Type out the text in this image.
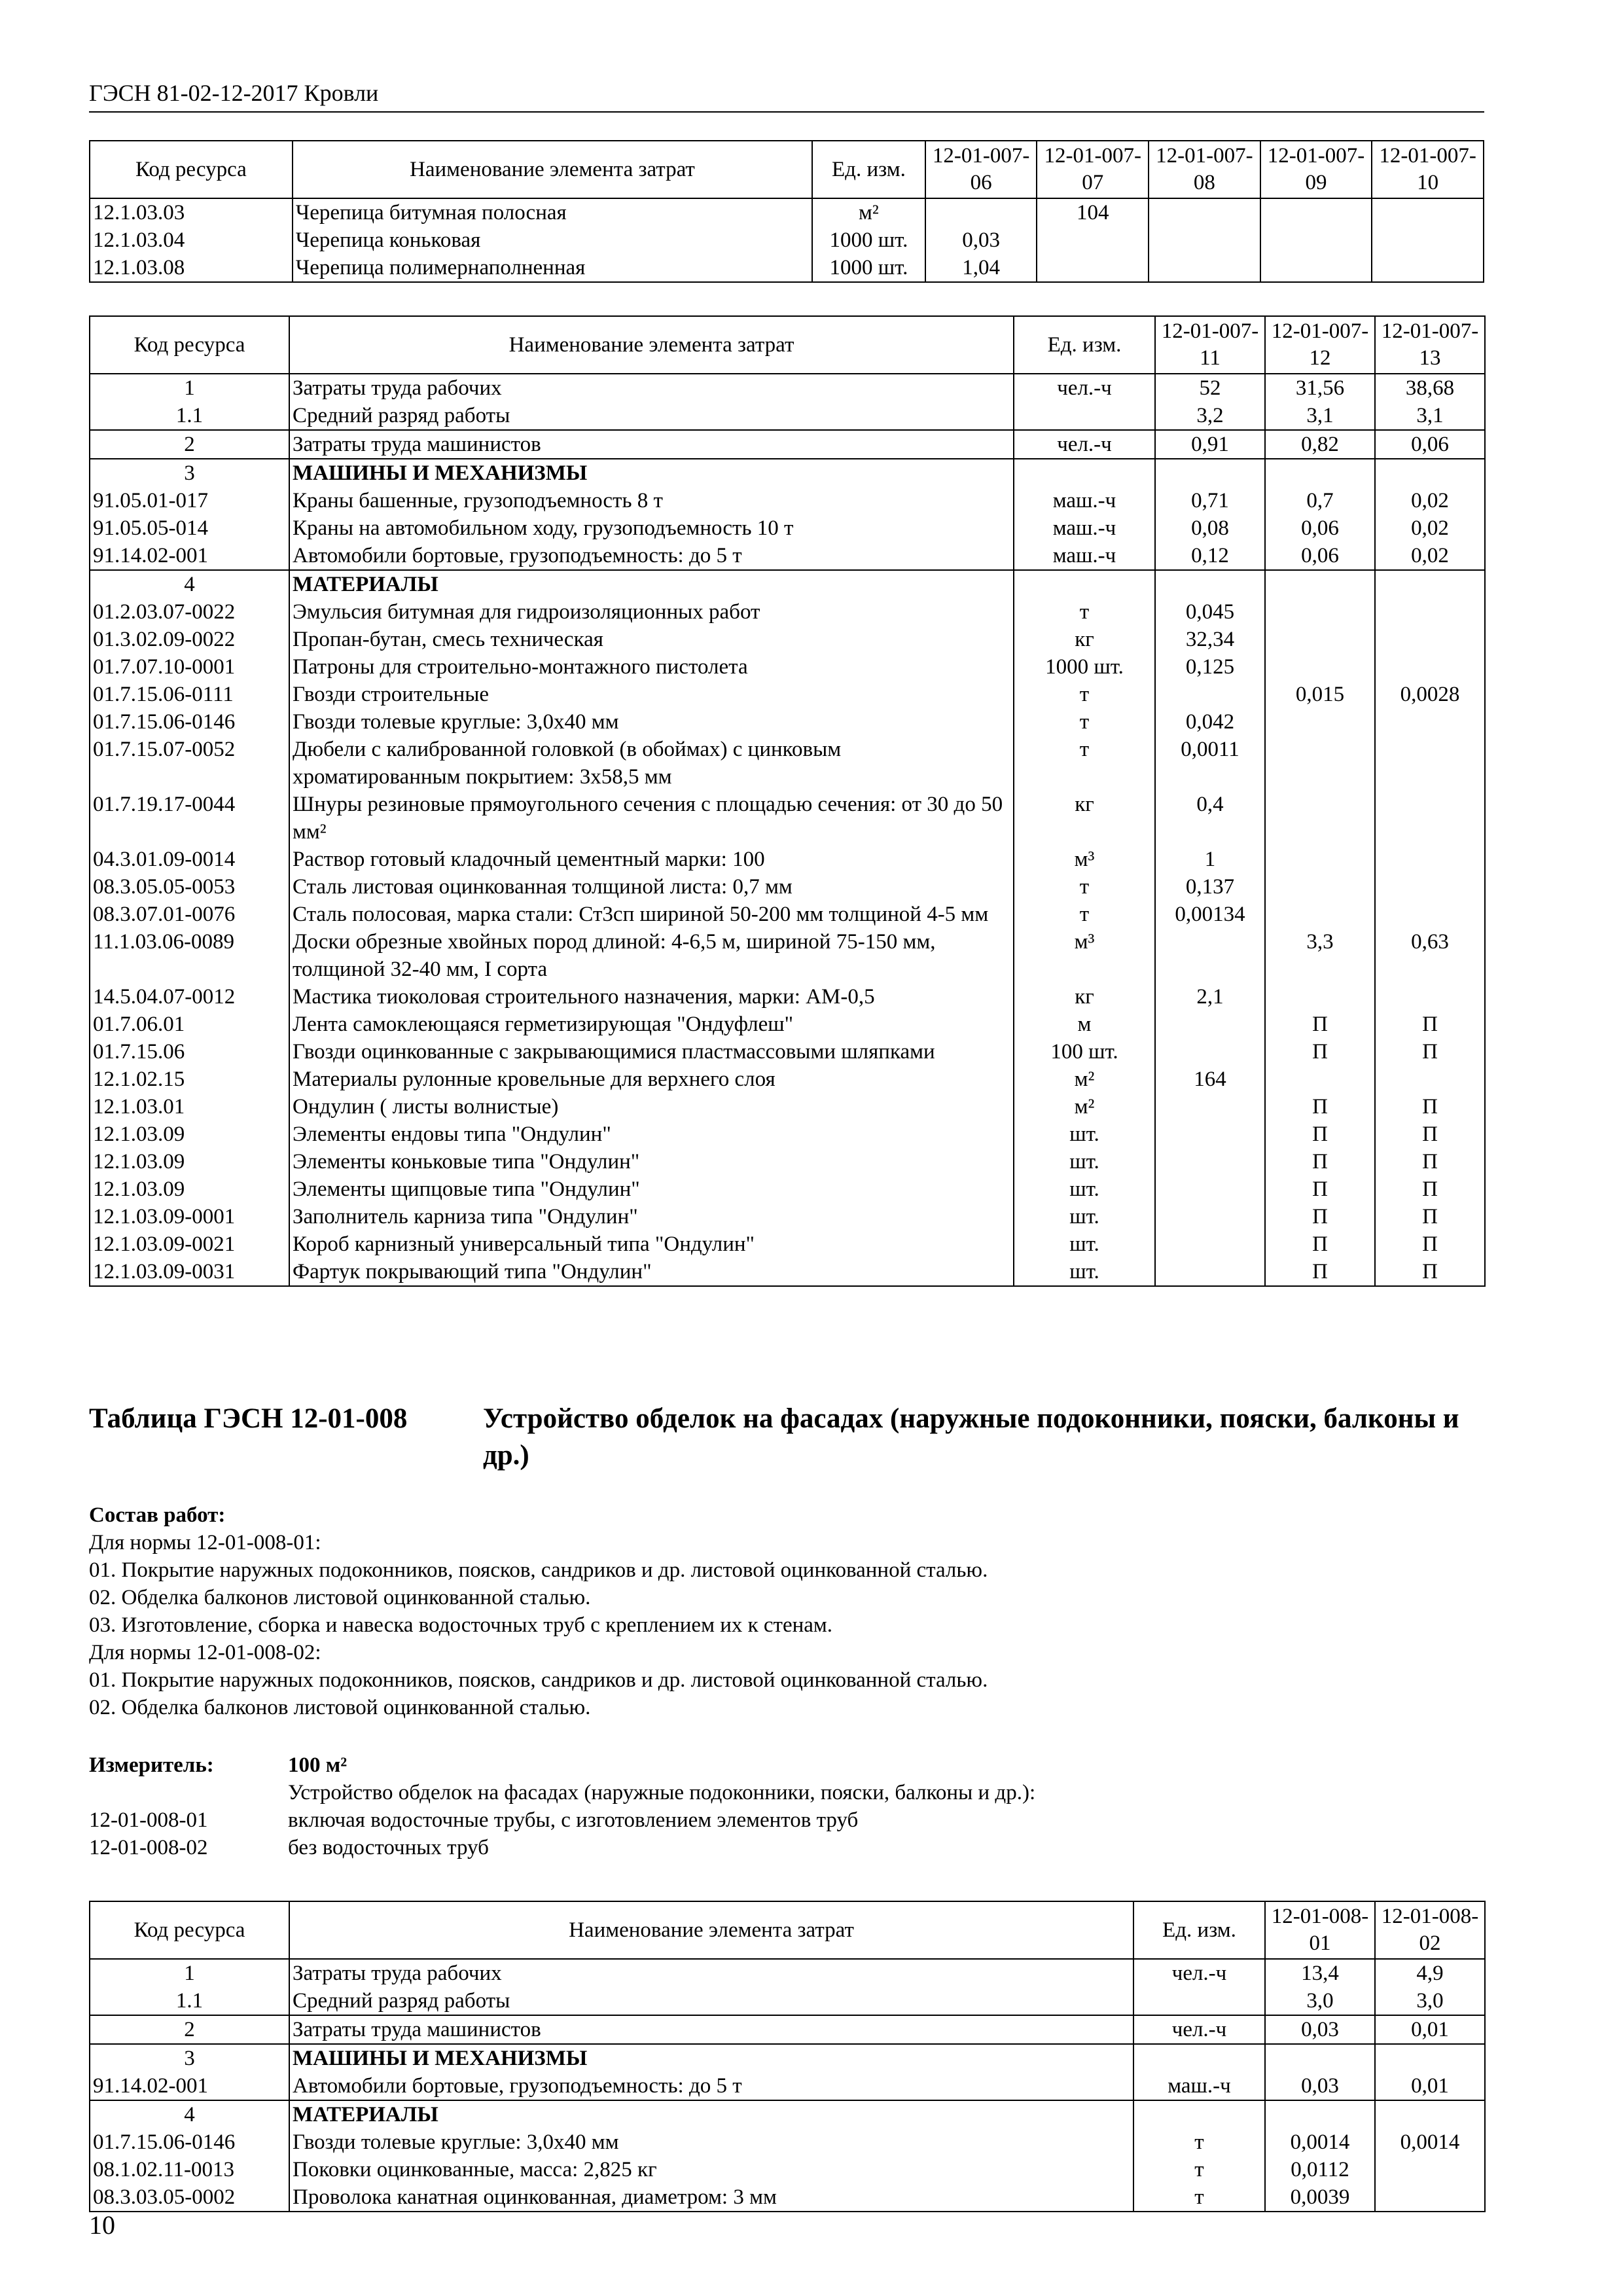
ГЭСН 81-02-12-2017 Кровли
Код ресурса	Наименование элемента затрат	Ед. изм.	12-01-007-06	12-01-007-07	12-01-007-08	12-01-007-09	12-01-007-10
12.1.03.03	Черепица битумная полосная	м²		104			
12.1.03.04	Черепица коньковая	1000 шт.	0,03				
12.1.03.08	Черепица полимернаполненная	1000 шт.	1,04				
Код ресурса	Наименование элемента затрат	Ед. изм.	12-01-007-11	12-01-007-12	12-01-007-13
1	Затраты труда рабочих	чел.-ч	52	31,56	38,68
1.1	Средний разряд работы		3,2	3,1	3,1
2	Затраты труда машинистов	чел.-ч	0,91	0,82	0,06
3	МАШИНЫ И МЕХАНИЗМЫ				
91.05.01-017	Краны башенные, грузоподъемность 8 т	маш.-ч	0,71	0,7	0,02
91.05.05-014	Краны на автомобильном ходу, грузоподъемность 10 т	маш.-ч	0,08	0,06	0,02
91.14.02-001	Автомобили бортовые, грузоподъемность: до 5 т	маш.-ч	0,12	0,06	0,02
4	МАТЕРИАЛЫ				
01.2.03.07-0022	Эмульсия битумная для гидроизоляционных работ	т	0,045		
01.3.02.09-0022	Пропан-бутан, смесь техническая	кг	32,34		
01.7.07.10-0001	Патроны для строительно-монтажного пистолета	1000 шт.	0,125		
01.7.15.06-0111	Гвозди строительные	т		0,015	0,0028
01.7.15.06-0146	Гвозди толевые круглые: 3,0x40 мм	т	0,042		
01.7.15.07-0052	Дюбели с калиброванной головкой (в обоймах) с цинковым хроматированным покрытием: 3x58,5 мм	т	0,0011		
01.7.19.17-0044	Шнуры резиновые прямоугольного сечения с площадью сечения: от 30 до 50 мм²	кг	0,4		
04.3.01.09-0014	Раствор готовый кладочный цементный марки: 100	м³	1		
08.3.05.05-0053	Сталь листовая оцинкованная толщиной листа: 0,7 мм	т	0,137		
08.3.07.01-0076	Сталь полосовая, марка стали: Ст3сп шириной 50-200 мм толщиной 4-5 мм	т	0,00134		
11.1.03.06-0089	Доски обрезные хвойных пород длиной: 4-6,5 м, шириной 75-150 мм, толщиной 32-40 мм, I сорта	м³		3,3	0,63
14.5.04.07-0012	Мастика тиоколовая строительного назначения, марки: АМ-0,5	кг	2,1		
01.7.06.01	Лента самоклеющаяся герметизирующая "Ондуфлеш"	м		П	П
01.7.15.06	Гвозди оцинкованные с закрывающимися пластмассовыми шляпками	100 шт.		П	П
12.1.02.15	Материалы рулонные кровельные для верхнего слоя	м²	164		
12.1.03.01	Ондулин ( листы волнистые)	м²		П	П
12.1.03.09	Элементы ендовы типа "Ондулин"	шт.		П	П
12.1.03.09	Элементы коньковые типа "Ондулин"	шт.		П	П
12.1.03.09	Элементы щипцовые типа "Ондулин"	шт.		П	П
12.1.03.09-0001	Заполнитель карниза типа "Ондулин"	шт.		П	П
12.1.03.09-0021	Короб карнизный универсальный типа "Ондулин"	шт.		П	П
12.1.03.09-0031	Фартук покрывающий типа "Ондулин"	шт.		П	П
Таблица ГЭСН 12-01-008	Устройство обделок на фасадах (наружные подоконники, пояски, балконы и др.)
Состав работ:
Для нормы 12-01-008-01:
01. Покрытие наружных подоконников, поясков, сандриков и др. листовой оцинкованной сталью.
02. Обделка балконов листовой оцинкованной сталью.
03. Изготовление, сборка и навеска водосточных труб с креплением их к стенам.
Для нормы 12-01-008-02:
01. Покрытие наружных подоконников, поясков, сандриков и др. листовой оцинкованной сталью.
02. Обделка балконов листовой оцинкованной сталью.
Измеритель:	100 м²
Устройство обделок на фасадах (наружные подоконники, пояски, балконы и др.):
12-01-008-01	включая водосточные трубы, с изготовлением элементов труб
12-01-008-02	без водосточных труб
Код ресурса	Наименование элемента затрат	Ед. изм.	12-01-008-01	12-01-008-02
1	Затраты труда рабочих	чел.-ч	13,4	4,9
1.1	Средний разряд работы		3,0	3,0
2	Затраты труда машинистов	чел.-ч	0,03	0,01
3	МАШИНЫ И МЕХАНИЗМЫ			
91.14.02-001	Автомобили бортовые, грузоподъемность: до 5 т	маш.-ч	0,03	0,01
4	МАТЕРИАЛЫ			
01.7.15.06-0146	Гвозди толевые круглые: 3,0x40 мм	т	0,0014	0,0014
08.1.02.11-0013	Поковки оцинкованные, масса: 2,825 кг	т	0,0112	
08.3.03.05-0002	Проволока канатная оцинкованная, диаметром: 3 мм	т	0,0039	
10
